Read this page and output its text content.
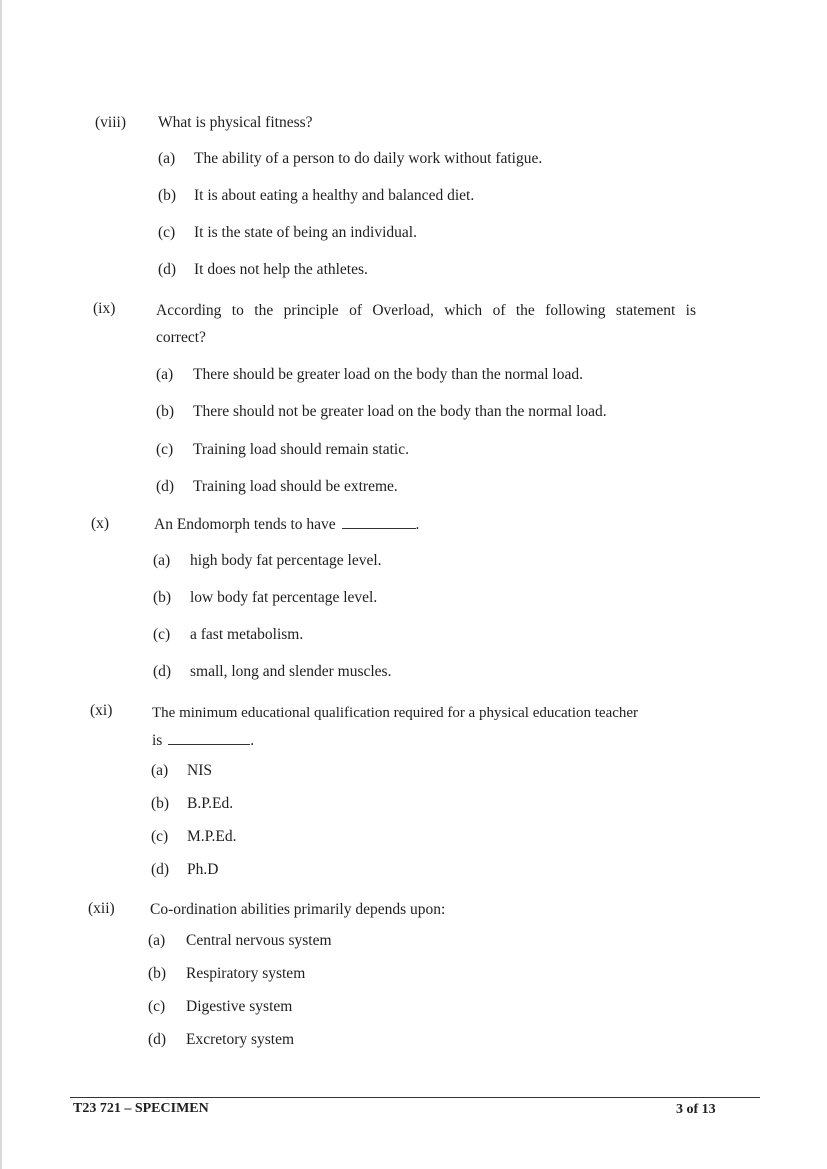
(viii) What is physical fitness?
(a) The ability of a person to do daily work without fatigue.
(b) It is about eating a healthy and balanced diet.
(c) It is the state of being an individual.
(d) It does not help the athletes.
(ix)	According to the principle of Overload, which of the following statement is
correct?
(a) There should be greater load on the body than the normal load.
(b) There should not be greater load on the body than the normal load.
(c) Training load should remain static.
(d) Training load should be extreme.
(x)	An Endomorph tends to have	.
(a) high body fat percentage level.
(b) low body fat percentage level.
(c) a fast metabolism.
(d) small, long and slender muscles.
(xi)	The minimum educational qualification required for a physical education teacher
is	.
(a) NIS
(b) B.P.Ed.
(c) M.P.Ed.
(d) Ph.D
(xii) Co-ordination abilities primarily depends upon:
(a) Central nervous system
(b) Respiratory system
(c) Digestive system
(d) Excretory system
T23 721 – SPECIMEN	3 of 13
